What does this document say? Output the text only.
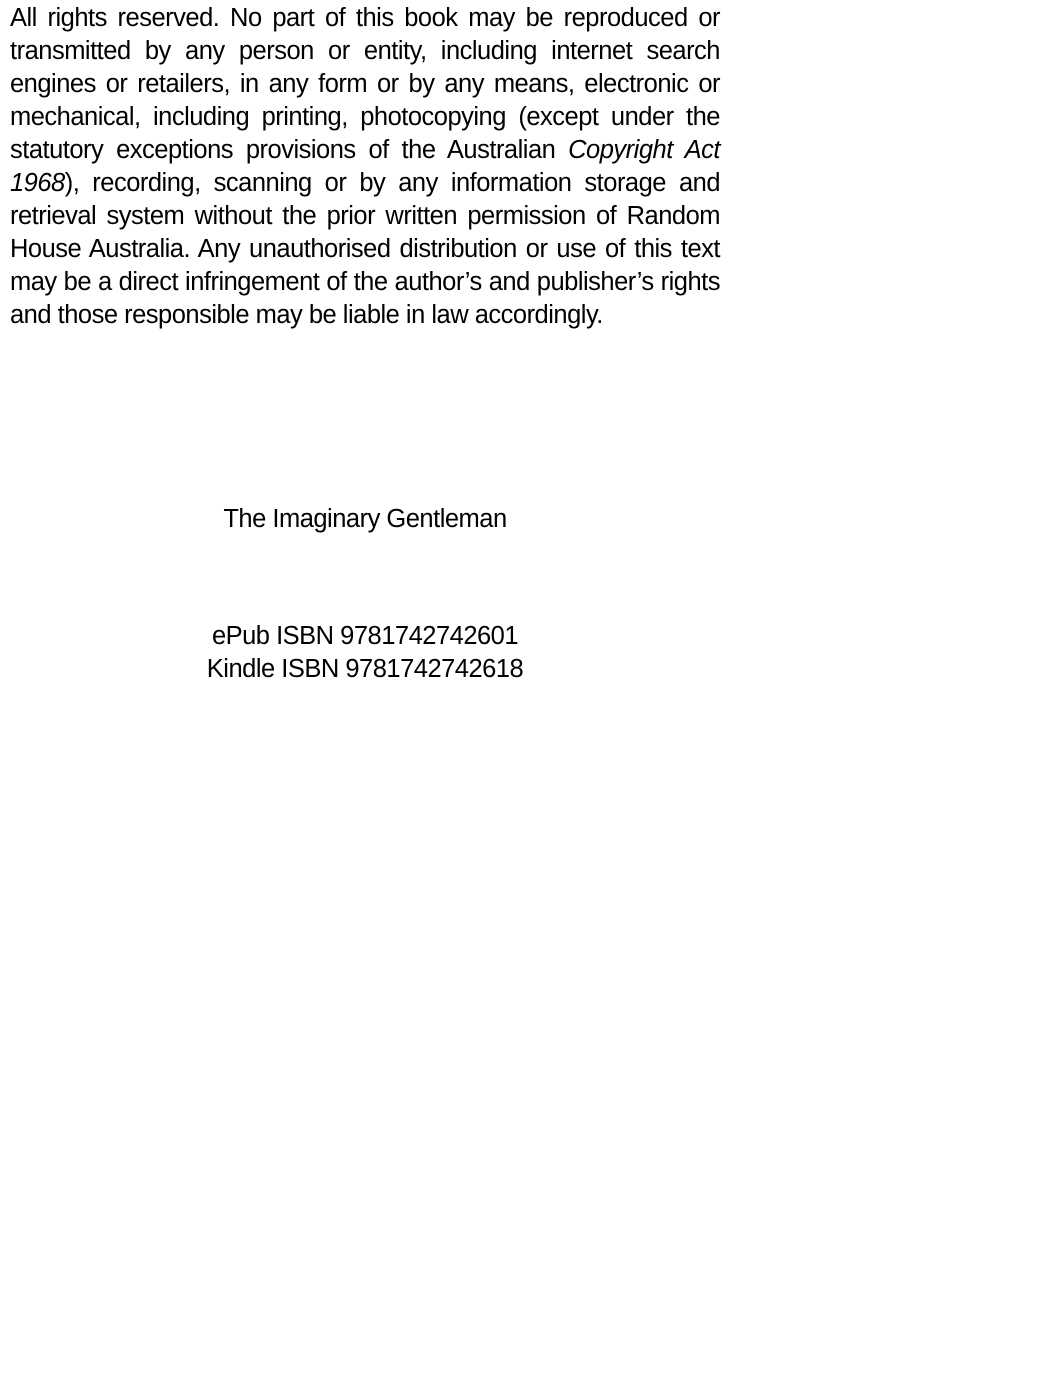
All rights reserved. No part of this book may be reproduced or transmitted by any person or entity, including internet search engines or retailers, in any form or by any means, electronic or mechanical, including printing, photocopying (except under the statutory exceptions provisions of the Australian Copyright Act 1968), recording, scanning or by any information storage and retrieval system without the prior written permission of Random House Australia. Any unauthorised distribution or use of this text may be a direct infringement of the author’s and publisher’s rights and those responsible may be liable in law accordingly.

The Imaginary Gentleman

ePub ISBN 9781742742601

Kindle ISBN 9781742742618
